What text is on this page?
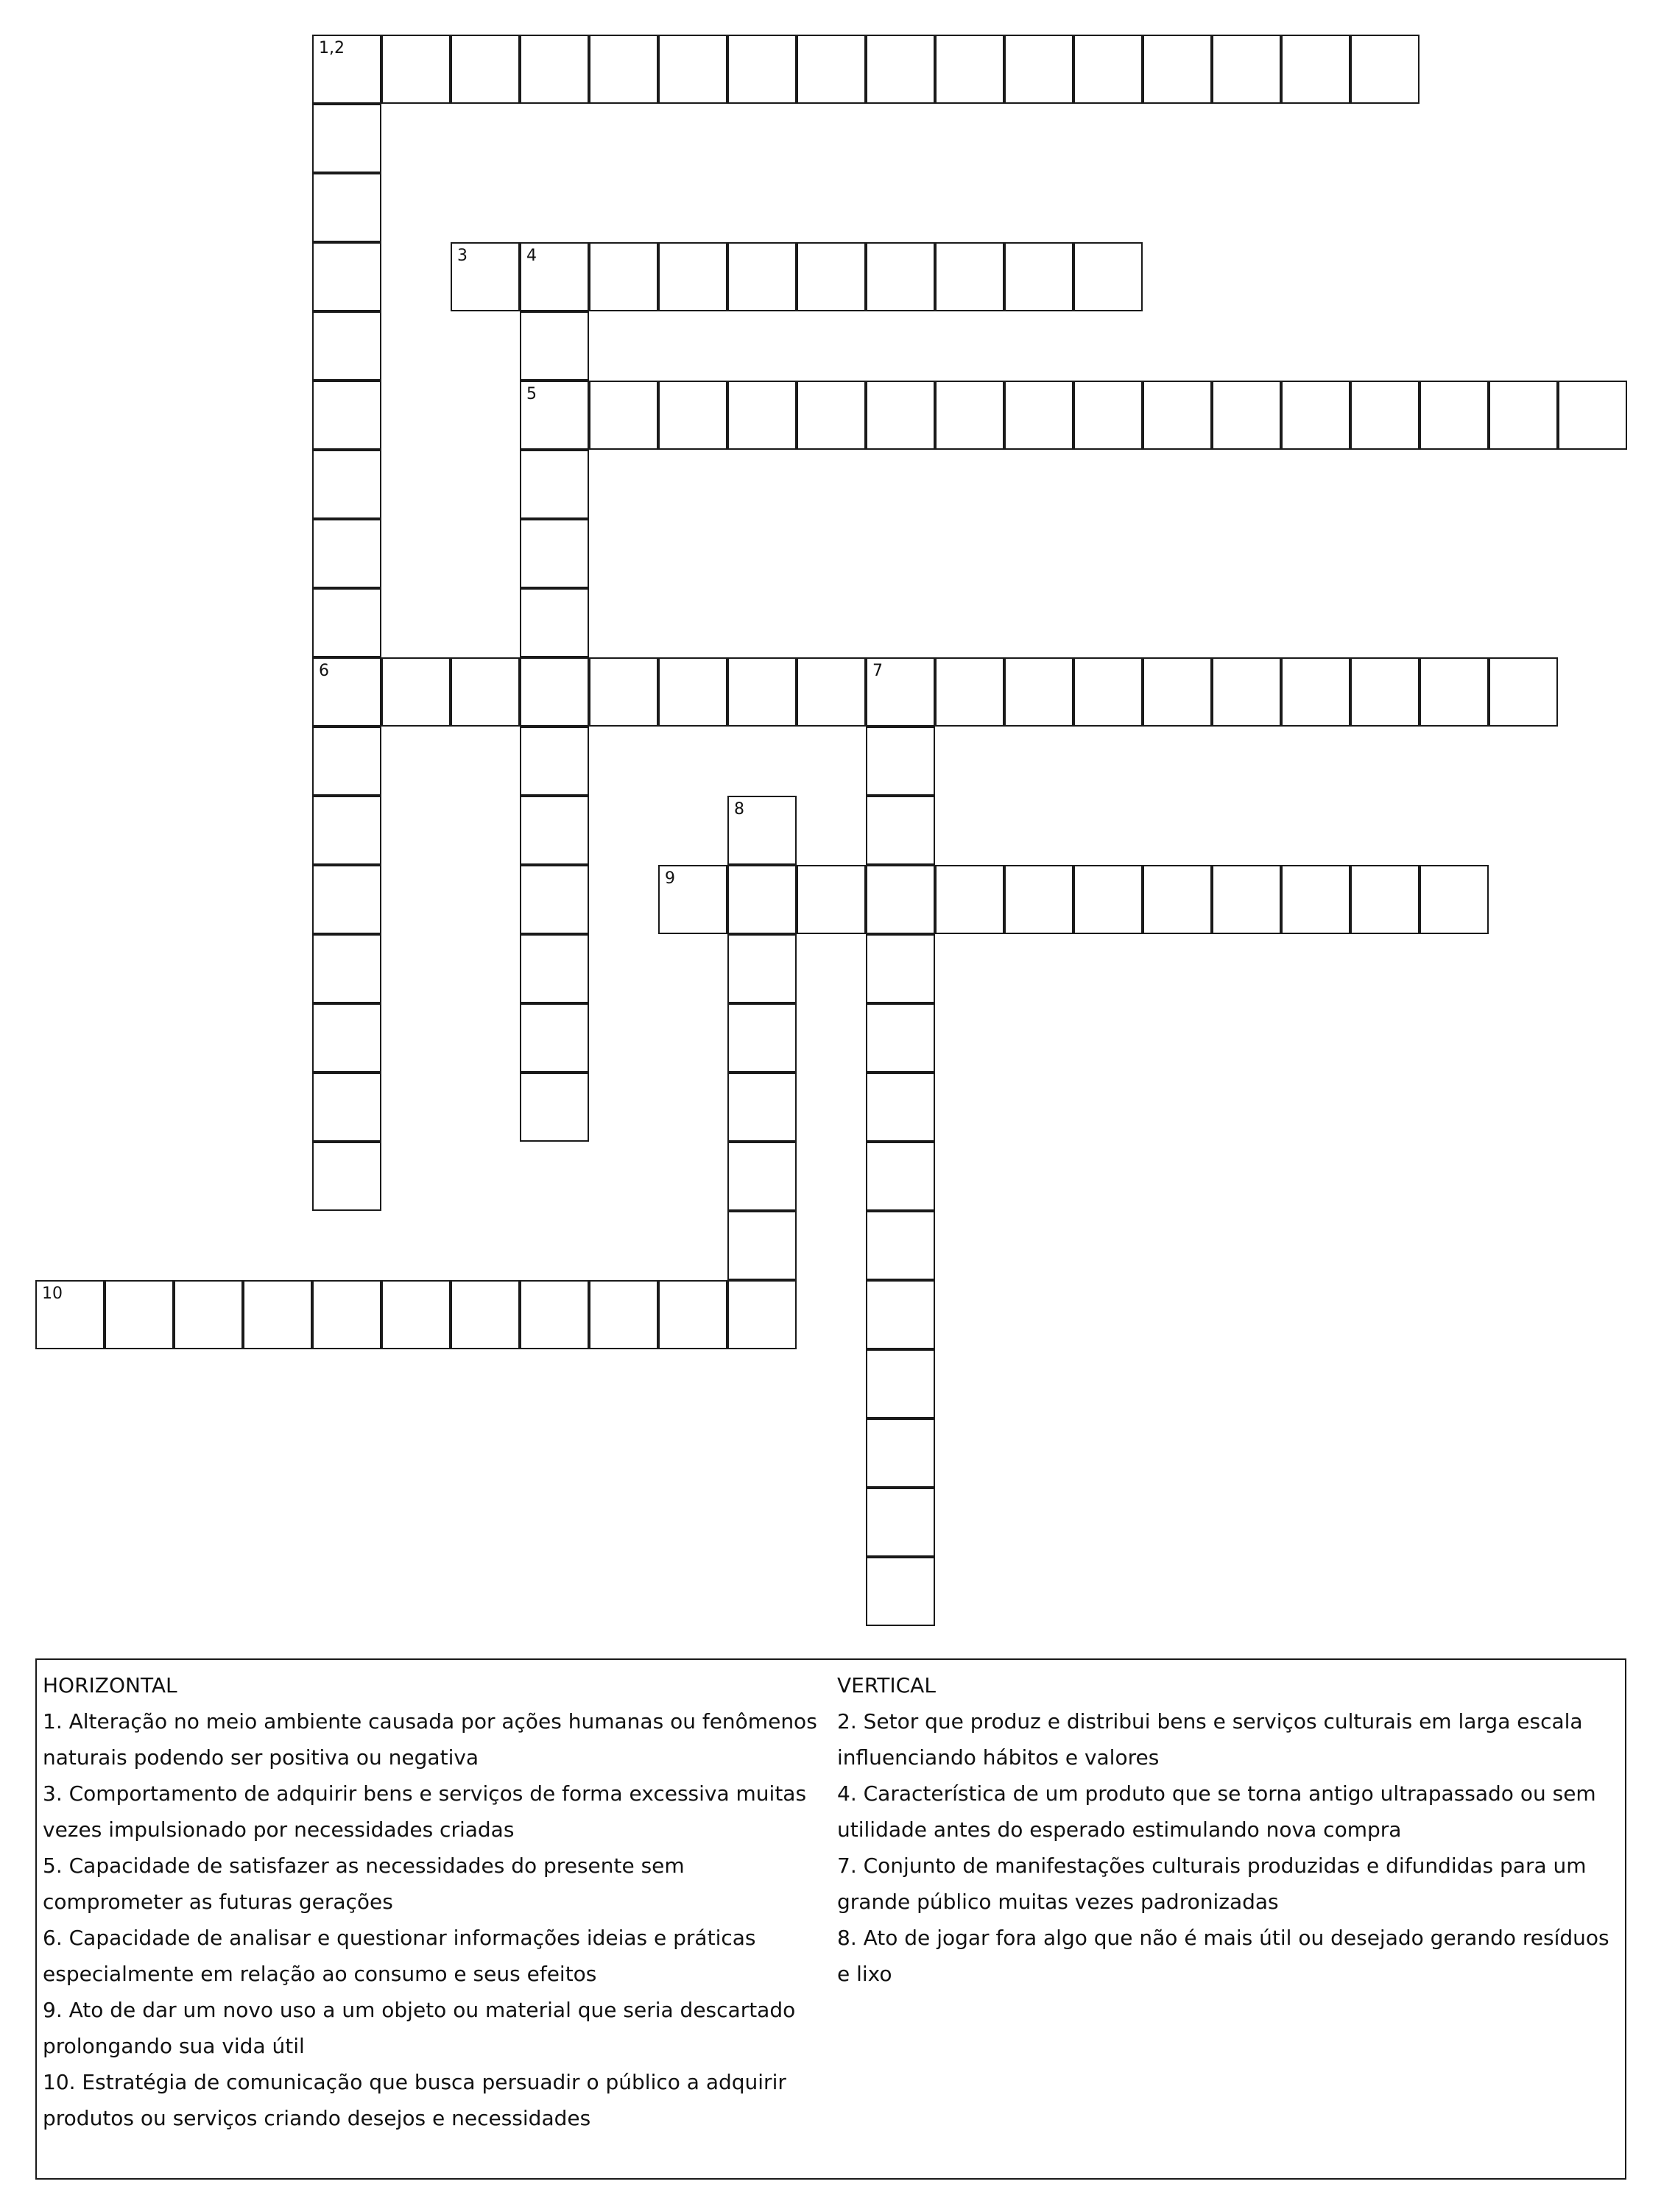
1,2
6
3	4
5
7
8
9
10
HORIZONTAL
1. Alteração no meio ambiente causada por ações humanas ou fenômenos naturais podendo ser positiva ou negativa
3. Comportamento de adquirir bens e serviços de forma excessiva muitas vezes impulsionado por necessidades criadas
5. Capacidade de satisfazer as necessidades do presente sem comprometer as futuras gerações
6. Capacidade de analisar e questionar informações ideias e práticas especialmente em relação ao consumo e seus efeitos
9. Ato de dar um novo uso a um objeto ou material que seria descartado prolongando sua vida útil
10. Estratégia de comunicação que busca persuadir o público a adquirir produtos ou serviços criando desejos e necessidades
VERTICAL
2. Setor que produz e distribui bens e serviços culturais em larga escala influenciando hábitos e valores
4. Característica de um produto que se torna antigo ultrapassado ou sem utilidade antes do esperado estimulando nova compra
7. Conjunto de manifestações culturais produzidas e difundidas para um grande público muitas vezes padronizadas
8. Ato de jogar fora algo que não é mais útil ou desejado gerando resíduos e lixo
